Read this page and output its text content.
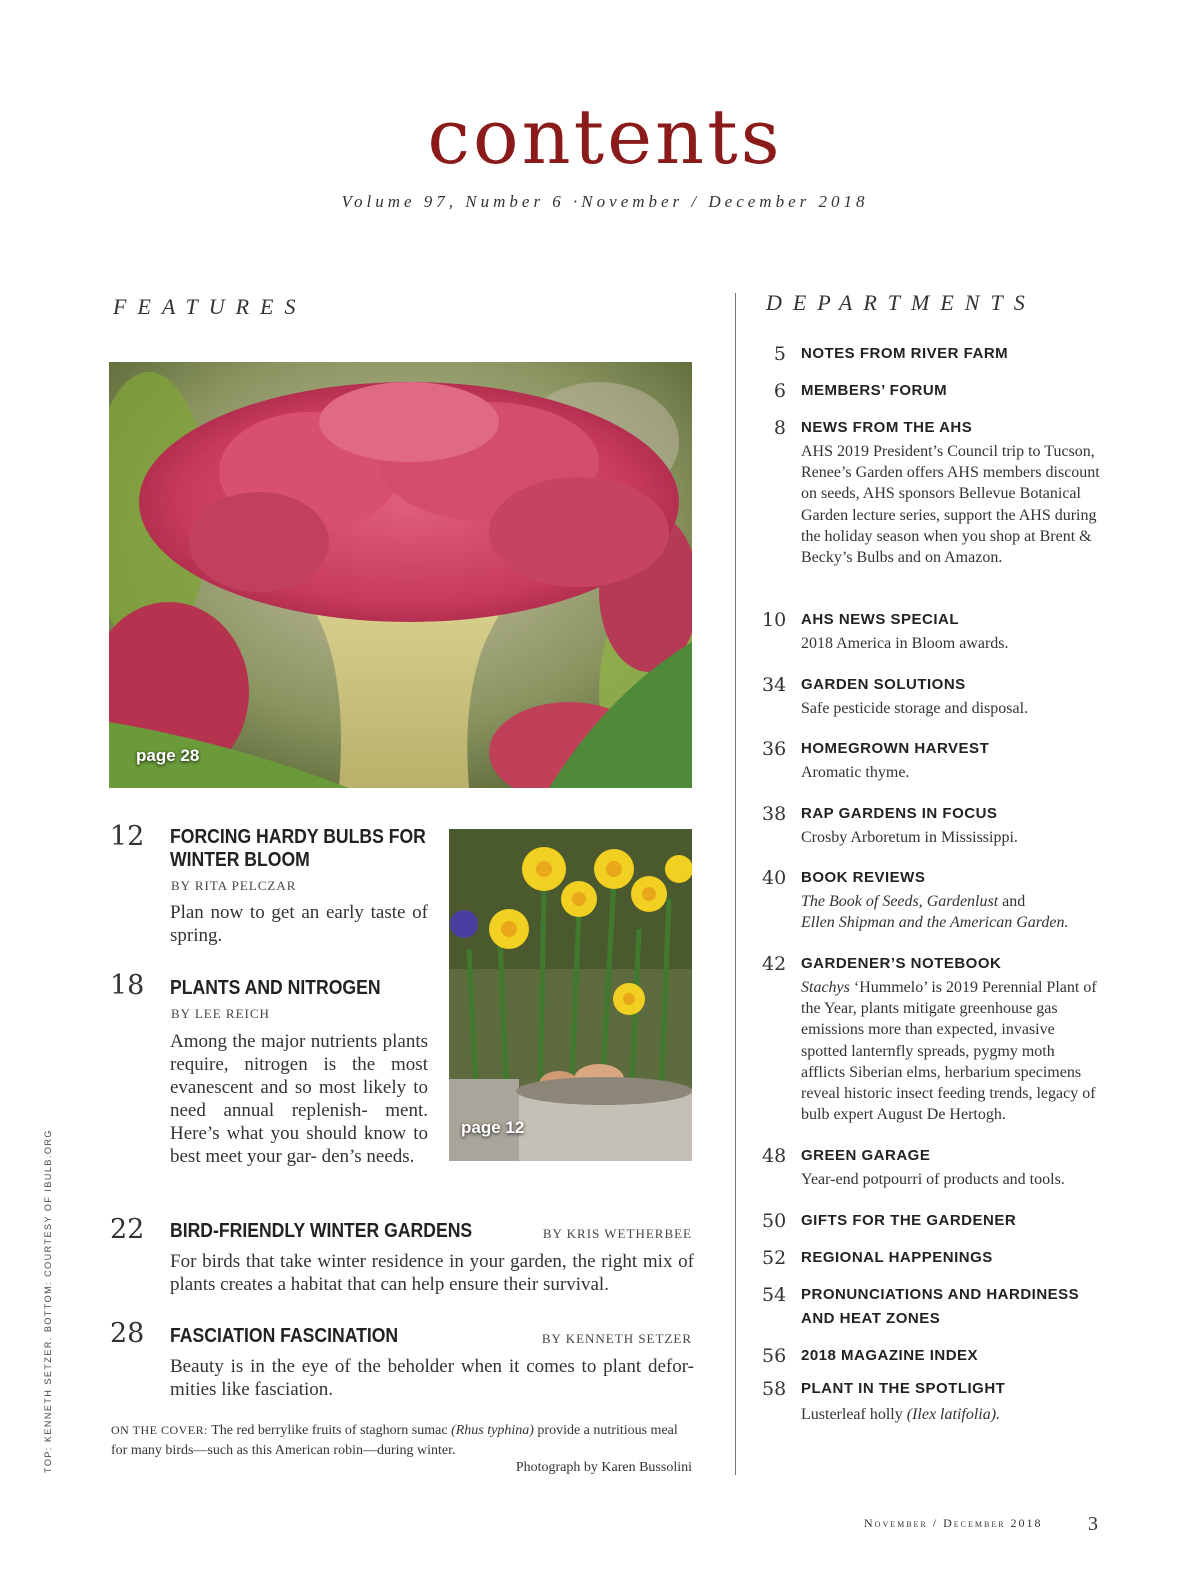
contents
Volume 97, Number 6 ·November / December 2018
FEATURES	DEPARTMENTS
page 28
page 12
12 FORCING HARDY BULBS FOR
WINTER BLOOM
BY RITA PELCZAR
Plan now to get an early taste of spring.
18 PLANTS AND NITROGEN
BY LEE REICH
Among the major nutrients plants require, nitrogen is the most evanescent and so most likely to need annual replenish- ment. Here’s what you should know to best meet your gar- den’s needs.
22 BIRD-FRIENDLY WINTER GARDENS	BY KRIS WETHERBEE
For birds that take winter residence in your garden, the right mix of plants creates a habitat that can help ensure their survival.
28 FASCIATION FASCINATION	BY KENNETH SETZER
Beauty is in the eye of the beholder when it comes to plant defor- mities like fasciation.
ON THE COVER: The red berrylike fruits of staghorn sumac (Rhus typhina) provide a nutritious meal for many birds—such as this American robin—during winter.
Photograph by Karen Bussolini
5 NOTES FROM RIVER FARM
6 MEMBERS’ FORUM
8 NEWS FROM THE AHS
AHS 2019 President’s Council trip to Tucson, Renee’s Garden offers AHS members discount on seeds, AHS sponsors Bellevue Botanical Garden lecture series, support the AHS during the holiday season when you shop at Brent & Becky’s Bulbs and on Amazon.
10 AHS NEWS SPECIAL
2018 America in Bloom awards.
34 GARDEN SOLUTIONS
Safe pesticide storage and disposal.
36 HOMEGROWN HARVEST
Aromatic thyme.
38 RAP GARDENS IN FOCUS
Crosby Arboretum in Mississippi.
40 BOOK REVIEWS
The Book of Seeds, Gardenlust and
Ellen Shipman and the American Garden.
42 GARDENER’S NOTEBOOK
Stachys ‘Hummelo’ is 2019 Perennial Plant of the Year, plants mitigate greenhouse gas emissions more than expected, invasive spotted lanternfly spreads, pygmy moth afflicts Siberian elms, herbarium specimens reveal historic insect feeding trends, legacy of bulb expert August De Hertogh.
48 GREEN GARAGE
Year-end potpourri of products and tools.
50 GIFTS FOR THE GARDENER
52 REGIONAL HAPPENINGS
54 PRONUNCIATIONS AND HARDINESS
AND HEAT ZONES
56 2018 MAGAZINE INDEX
58 PLANT IN THE SPOTLIGHT
Lusterleaf holly (Ilex latifolia).
TOP: KENNETH SETZER. BOTTOM: COURTESY OF IBULB.ORG
November / December 2018 3
